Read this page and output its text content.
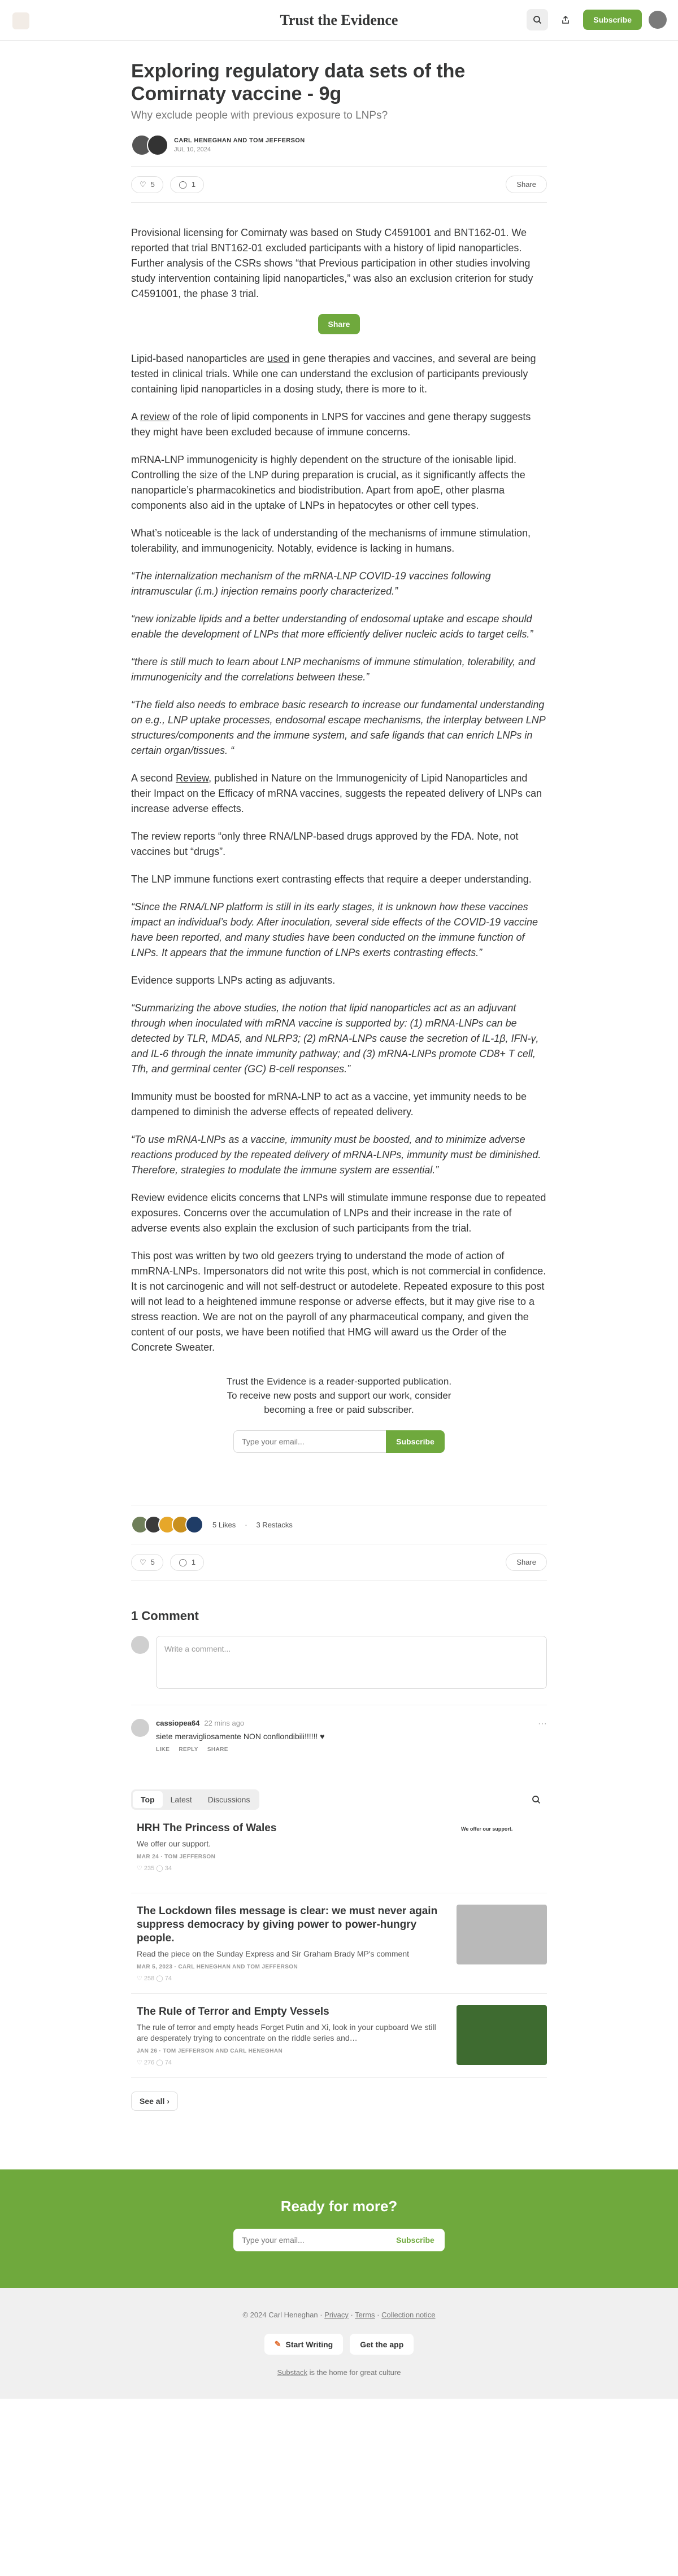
Trust the Evidence	Subscribe
Exploring regulatory data sets of the Comirnaty vaccine - 9g
Why exclude people with previous exposure to LNPs?
CARL HENEGHAN AND TOM JEFFERSON
JUL 10, 2024
♡ 5
	◯ 1	Share

Provisional licensing for Comirnaty was based on Study C4591001 and BNT162-01. We reported that trial BNT162-01 excluded participants with a history of lipid nanoparticles. Further analysis of the CSRs shows “that Previous participation in other studies involving study intervention containing lipid nanoparticles,” was also an exclusion criterion for study C4591001, the phase 3 trial.

Share

Lipid-based nanoparticles are used in gene therapies and vaccines, and several are being tested in clinical trials. While one can understand the exclusion of participants previously containing lipid nanoparticles in a dosing study, there is more to it.

A review of the role of lipid components in LNPS for vaccines and gene therapy suggests they might have been excluded because of immune concerns.

mRNA-LNP immunogenicity is highly dependent on the structure of the ionisable lipid. Controlling the size of the LNP during preparation is crucial, as it significantly affects the nanoparticle’s pharmacokinetics and biodistribution. Apart from apoE, other plasma components also aid in the uptake of LNPs in hepatocytes or other cell types.

What’s noticeable is the lack of understanding of the mechanisms of immune stimulation, tolerability, and immunogenicity. Notably, evidence is lacking in humans.

“The internalization mechanism of the mRNA-LNP COVID-19 vaccines following intramuscular (i.m.) injection remains poorly characterized.”

“new ionizable lipids and a better understanding of endosomal uptake and escape should enable the development of LNPs that more efficiently deliver nucleic acids to target cells.”

“there is still much to learn about LNP mechanisms of immune stimulation, tolerability, and immunogenicity and the correlations between these.”

“The field also needs to embrace basic research to increase our fundamental understanding on e.g., LNP uptake processes, endosomal escape mechanisms, the interplay between LNP structures/components and the immune system, and safe ligands that can enrich LNPs in certain organ/tissues. “

A second Review, published in Nature on the Immunogenicity of Lipid Nanoparticles and their Impact on the Efficacy of mRNA vaccines, suggests the repeated delivery of LNPs can increase adverse effects.

The review reports “only three RNA/LNP-based drugs approved by the FDA. Note, not vaccines but “drugs”.

The LNP immune functions exert contrasting effects that require a deeper understanding.

“Since the RNA/LNP platform is still in its early stages, it is unknown how these vaccines impact an individual’s body. After inoculation, several side effects of the COVID-19 vaccine have been reported, and many studies have been conducted on the immune function of LNPs. It appears that the immune function of LNPs exerts contrasting effects.”

Evidence supports LNPs acting as adjuvants.

“Summarizing the above studies, the notion that lipid nanoparticles act as an adjuvant through when inoculated with mRNA vaccine is supported by: (1) mRNA-LNPs can be detected by TLR, MDA5, and NLRP3; (2) mRNA-LNPs cause the secretion of IL-1β, IFN-γ, and IL-6 through the innate immunity pathway; and (3) mRNA-LNPs promote CD8+ T cell, Tfh, and germinal center (GC) B-cell responses.”

Immunity must be boosted for mRNA-LNP to act as a vaccine, yet immunity needs to be dampened to diminish the adverse effects of repeated delivery.

“To use mRNA-LNPs as a vaccine, immunity must be boosted, and to minimize adverse reactions produced by the repeated delivery of mRNA-LNPs, immunity must be diminished. Therefore, strategies to modulate the immune system are essential.”

Review evidence elicits concerns that LNPs will stimulate immune response due to repeated exposures. Concerns over the accumulation of LNPs and their increase in the rate of adverse events also explain the exclusion of such participants from the trial.

This post was written by two old geezers trying to understand the mode of action of mmRNA-LNPs. Impersonators did not write this post, which is not commercial in confidence. It is not carcinogenic and will not self-destruct or autodelete. Repeated exposure to this post will not lead to a heightened immune response or adverse effects, but it may give rise to a stress reaction. We are not on the payroll of any pharmaceutical company, and given the content of our posts, we have been notified that HMG will award us the Order of the Concrete Sweater.

Trust the Evidence is a reader-supported publication. To receive new posts and support our work, consider becoming a free or paid subscriber.

Type your email...
Subscribe
5 Likes · 3 Restacks
♡ 5
	◯ 1	Share
1 Comment
Write a comment...
cassiopea64 22 mins ago
siete meravigliosamente NON conflondibili!!!!!! ♥
LIKE REPLY SHARE
···
Top	Latest	Discussions
HRH The Princess of Wales
We offer our support.
MAR 24 · TOM JEFFERSON
♡ 235 ◯ 34
We offer our support.
The Lockdown files message is clear: we must never again suppress democracy by giving power to power-hungry people.
Read the piece on the Sunday Express and Sir Graham Brady MP's comment
MAR 5, 2023 · CARL HENEGHAN AND TOM JEFFERSON
♡ 258 ◯ 74
The Rule of Terror and Empty Vessels
The rule of terror and empty heads Forget Putin and Xi, look in your cupboard We still are desperately trying to concentrate on the riddle series and…
JAN 26 · TOM JEFFERSON AND CARL HENEGHAN
♡ 276 ◯ 74
See all ›
Ready for more?
Type your email...
Subscribe
© 2024 Carl Heneghan · Privacy · Terms · Collection notice
✎ Start Writing	Get the app
Substack is the home for great culture
